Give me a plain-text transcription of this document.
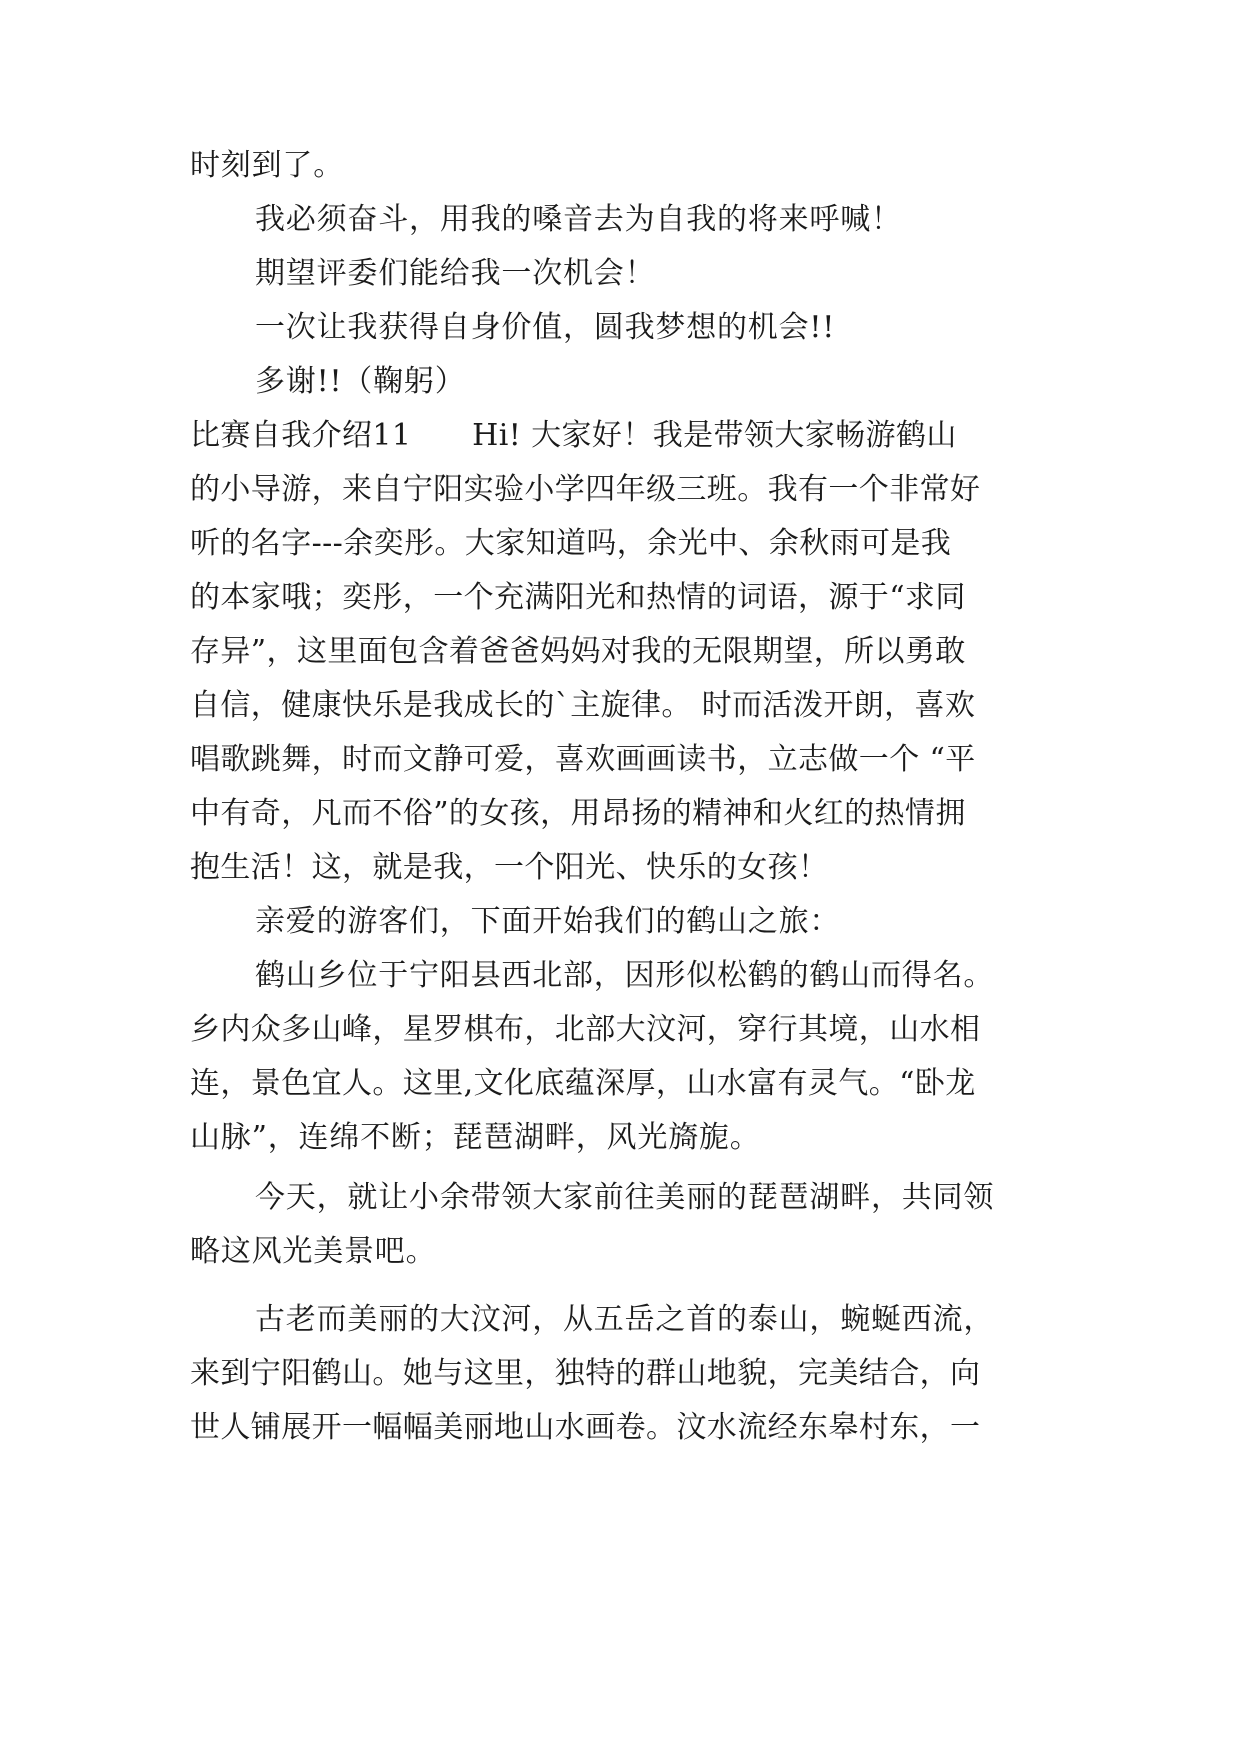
时刻到了。
我必须奋斗，用我的嗓音去为自我的将来呼喊！
期望评委们能给我一次机会！
一次让我获得自身价值，圆我梦想的机会!!
多谢!!（鞠躬）
比赛自我介绍11　　Hi! 大家好！我是带领大家畅游鹤山
的小导游，来自宁阳实验小学四年级三班。我有一个非常好
听的名字---余奕彤。大家知道吗，余光中、余秋雨可是我
的本家哦；奕彤，一个充满阳光和热情的词语，源于“求同
存异”，这里面包含着爸爸妈妈对我的无限期望，所以勇敢
自信，健康快乐是我成长的`主旋律。 时而活泼开朗，喜欢
唱歌跳舞，时而文静可爱，喜欢画画读书，立志做一个 “平
中有奇，凡而不俗”的女孩，用昂扬的精神和火红的热情拥
抱生活！这，就是我，一个阳光、快乐的女孩！
亲爱的游客们，下面开始我们的鹤山之旅：
鹤山乡位于宁阳县西北部，因形似松鹤的鹤山而得名。
乡内众多山峰，星罗棋布，北部大汶河，穿行其境，山水相
连，景色宜人。这里,文化底蕴深厚，山水富有灵气。“卧龙
山脉”，连绵不断；琵琶湖畔，风光旖旎。
今天，就让小余带领大家前往美丽的琵琶湖畔，共同领
略这风光美景吧。
古老而美丽的大汶河，从五岳之首的泰山，蜿蜒西流，
来到宁阳鹤山。她与这里，独特的群山地貌，完美结合，向
世人铺展开一幅幅美丽地山水画卷。汶水流经东皋村东，一
